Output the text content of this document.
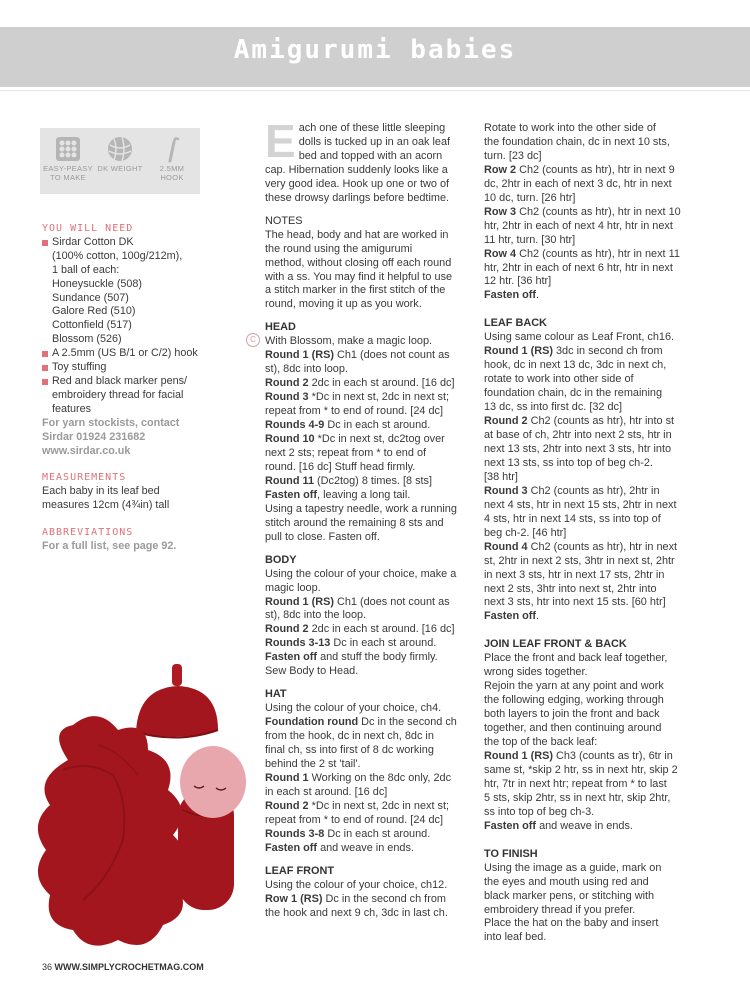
Amigurumi babies
EASY-PEASY TO MAKE
DK WEIGHT	2.5MM HOOK
YOU WILL NEED
Sirdar Cotton DK
(100% cotton, 100g/212m),
1 ball of each:
Honeysuckle (508)
Sundance (507)
Galore Red (510)
Cottonfield (517)
Blossom (526)
A 2.5mm (US B/1 or C/2) hook
Toy stuffing
Red and black marker pens/
embroidery thread for facial
features
For yarn stockists, contact
Sirdar 01924 231682
www.sirdar.co.uk
MEASUREMENTS
Each baby in its leaf bed
measures 12cm (4¾in) tall
ABBREVIATIONS
For a full list, see page 92.
E ach one of these little sleeping

dolls is tucked up in an oak leaf

bed and topped with an acorn

cap. Hibernation suddenly looks like a

very good idea. Hook up one or two of

these drowsy darlings before bedtime.

NOTES

The head, body and hat are worked in

the round using the amigurumi

method, without closing off each round

with a ss. You may find it helpful to use

a stitch marker in the first stitch of the

round, moving it up as you work.

HEAD

With Blossom, make a magic loop.

Round 1 (RS) Ch1 (does not count as

st), 8dc into loop.

Round 2 2dc in each st around. [16 dc]

Round 3 *Dc in next st, 2dc in next st;

repeat from * to end of round. [24 dc]

Rounds 4-9 Dc in each st around.

Round 10 *Dc in next st, dc2tog over

next 2 sts; repeat from * to end of

round. [16 dc] Stuff head firmly.

Round 11 (Dc2tog) 8 times. [8 sts]

Fasten off, leaving a long tail.

Using a tapestry needle, work a running

stitch around the remaining 8 sts and

pull to close. Fasten off.

BODY

Using the colour of your choice, make a

magic loop.

Round 1 (RS) Ch1 (does not count as

st), 8dc into the loop.

Round 2 2dc in each st around. [16 dc]

Rounds 3-13 Dc in each st around.

Fasten off and stuff the body firmly.

Sew Body to Head.

HAT

Using the colour of your choice, ch4.

Foundation round Dc in the second ch

from the hook, dc in next ch, 8dc in

final ch, ss into first of 8 dc working

behind the 2 st 'tail'.

Round 1 Working on the 8dc only, 2dc

in each st around. [16 dc]

Round 2 *Dc in next st, 2dc in next st;

repeat from * to end of round. [24 dc]

Rounds 3-8 Dc in each st around.

Fasten off and weave in ends.

LEAF FRONT

Using the colour of your choice, ch12.

Row 1 (RS) Dc in the second ch from

the hook and next 9 ch, 3dc in last ch.

C

Rotate to work into the other side of

the foundation chain, dc in next 10 sts,

turn. [23 dc]

Row 2 Ch2 (counts as htr), htr in next 9

dc, 2htr in each of next 3 dc, htr in next

10 dc, turn. [26 htr]

Row 3 Ch2 (counts as htr), htr in next 10

htr, 2htr in each of next 4 htr, htr in next

11 htr, turn. [30 htr]

Row 4 Ch2 (counts as htr), htr in next 11

htr, 2htr in each of next 6 htr, htr in next

12 htr. [36 htr]

Fasten off.

LEAF BACK

Using same colour as Leaf Front, ch16.

Round 1 (RS) 3dc in second ch from

hook, dc in next 13 dc, 3dc in next ch,

rotate to work into other side of

foundation chain, dc in the remaining

13 dc, ss into first dc. [32 dc]

Round 2 Ch2 (counts as htr), htr into st

at base of ch, 2htr into next 2 sts, htr in

next 13 sts, 2htr into next 3 sts, htr into

next 13 sts, ss into top of beg ch-2.

[38 htr]

Round 3 Ch2 (counts as htr), 2htr in

next 4 sts, htr in next 15 sts, 2htr in next

4 sts, htr in next 14 sts, ss into top of

beg ch-2. [46 htr]

Round 4 Ch2 (counts as htr), htr in next

st, 2htr in next 2 sts, 3htr in next st, 2htr

in next 3 sts, htr in next 17 sts, 2htr in

next 2 sts, 3htr into next st, 2htr into

next 3 sts, htr into next 15 sts. [60 htr]

Fasten off.

JOIN LEAF FRONT & BACK

Place the front and back leaf together,

wrong sides together.

Rejoin the yarn at any point and work

the following edging, working through

both layers to join the front and back

together, and then continuing around

the top of the back leaf:

Round 1 (RS) Ch3 (counts as tr), 6tr in

same st, *skip 2 htr, ss in next htr, skip 2

htr, 7tr in next htr; repeat from * to last

5 sts, skip 2htr, ss in next htr, skip 2htr,

ss into top of beg ch-3.

Fasten off and weave in ends.

TO FINISH

Using the image as a guide, mark on

the eyes and mouth using red and

black marker pens, or stitching with

embroidery thread if you prefer.

Place the hat on the baby and insert

into leaf bed.

36 WWW.SIMPLYCROCHETMAG.COM
